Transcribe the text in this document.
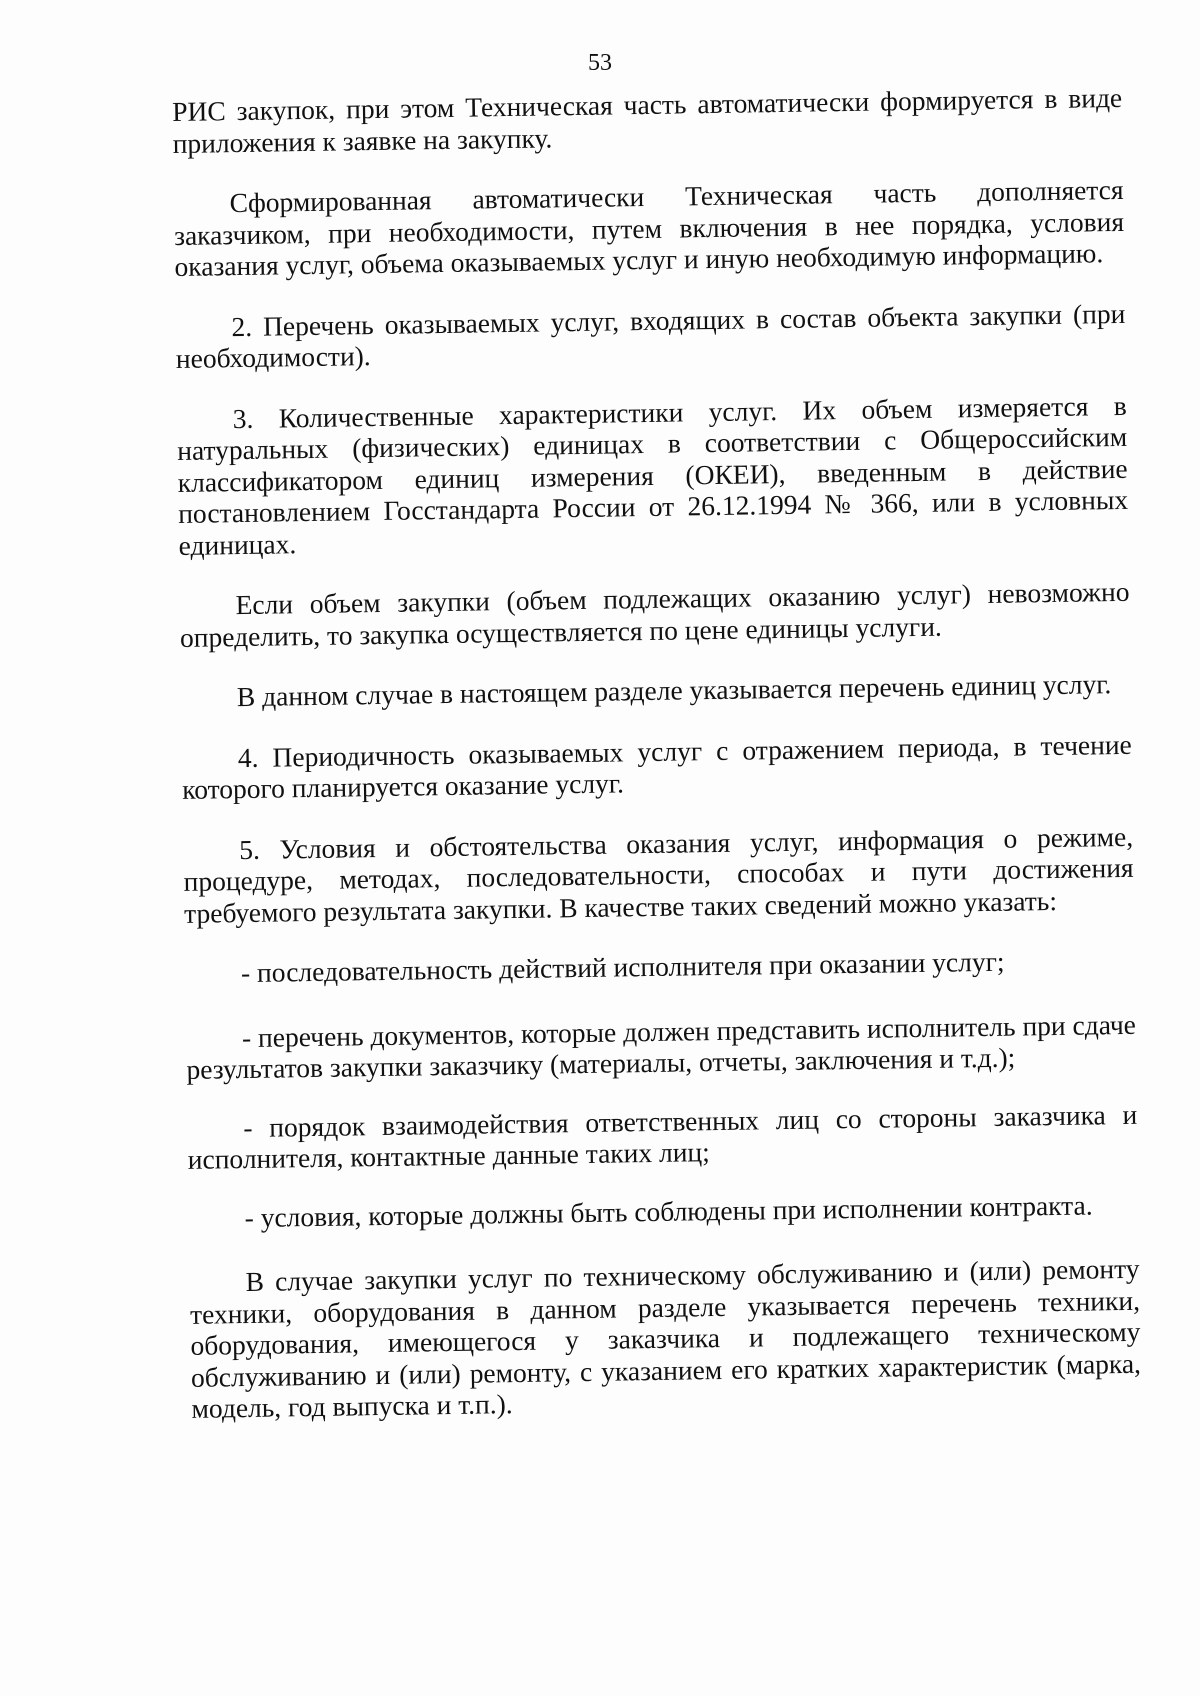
53

РИС закупок, при этом Техническая часть автоматически формируется в виде приложения к заявке на закупку.

Сформированная автоматически Техническая часть дополняется заказчиком, при необходимости, путем включения в нее порядка, условия оказания услуг, объема оказываемых услуг и иную необходимую информацию.

2. Перечень оказываемых услуг, входящих в состав объекта закупки (при необходимости).

3. Количественные характеристики услуг. Их объем измеряется в натуральных (физических) единицах в соответствии с Общероссийским классификатором единиц измерения (ОКЕИ), введенным в действие постановлением Госстандарта России от 26.12.1994 № 366, или в условных единицах.

Если объем закупки (объем подлежащих оказанию услуг) невозможно определить, то закупка осуществляется по цене единицы услуги.

В данном случае в настоящем разделе указывается перечень единиц услуг.

4. Периодичность оказываемых услуг с отражением периода, в течение которого планируется оказание услуг.

5. Условия и обстоятельства оказания услуг, информация о режиме, процедуре, методах, последовательности, способах и пути достижения требуемого результата закупки. В качестве таких сведений можно указать:

- последовательность действий исполнителя при оказании услуг;

- перечень документов, которые должен представить исполнитель при сдаче результатов закупки заказчику (материалы, отчеты, заключения и т.д.);

- порядок взаимодействия ответственных лиц со стороны заказчика и исполнителя, контактные данные таких лиц;

- условия, которые должны быть соблюдены при исполнении контракта.

В случае закупки услуг по техническому обслуживанию и (или) ремонту техники, оборудования в данном разделе указывается перечень техники, оборудования, имеющегося у заказчика и подлежащего техническому обслуживанию и (или) ремонту, с указанием его кратких характеристик (марка, модель, год выпуска и т.п.).
